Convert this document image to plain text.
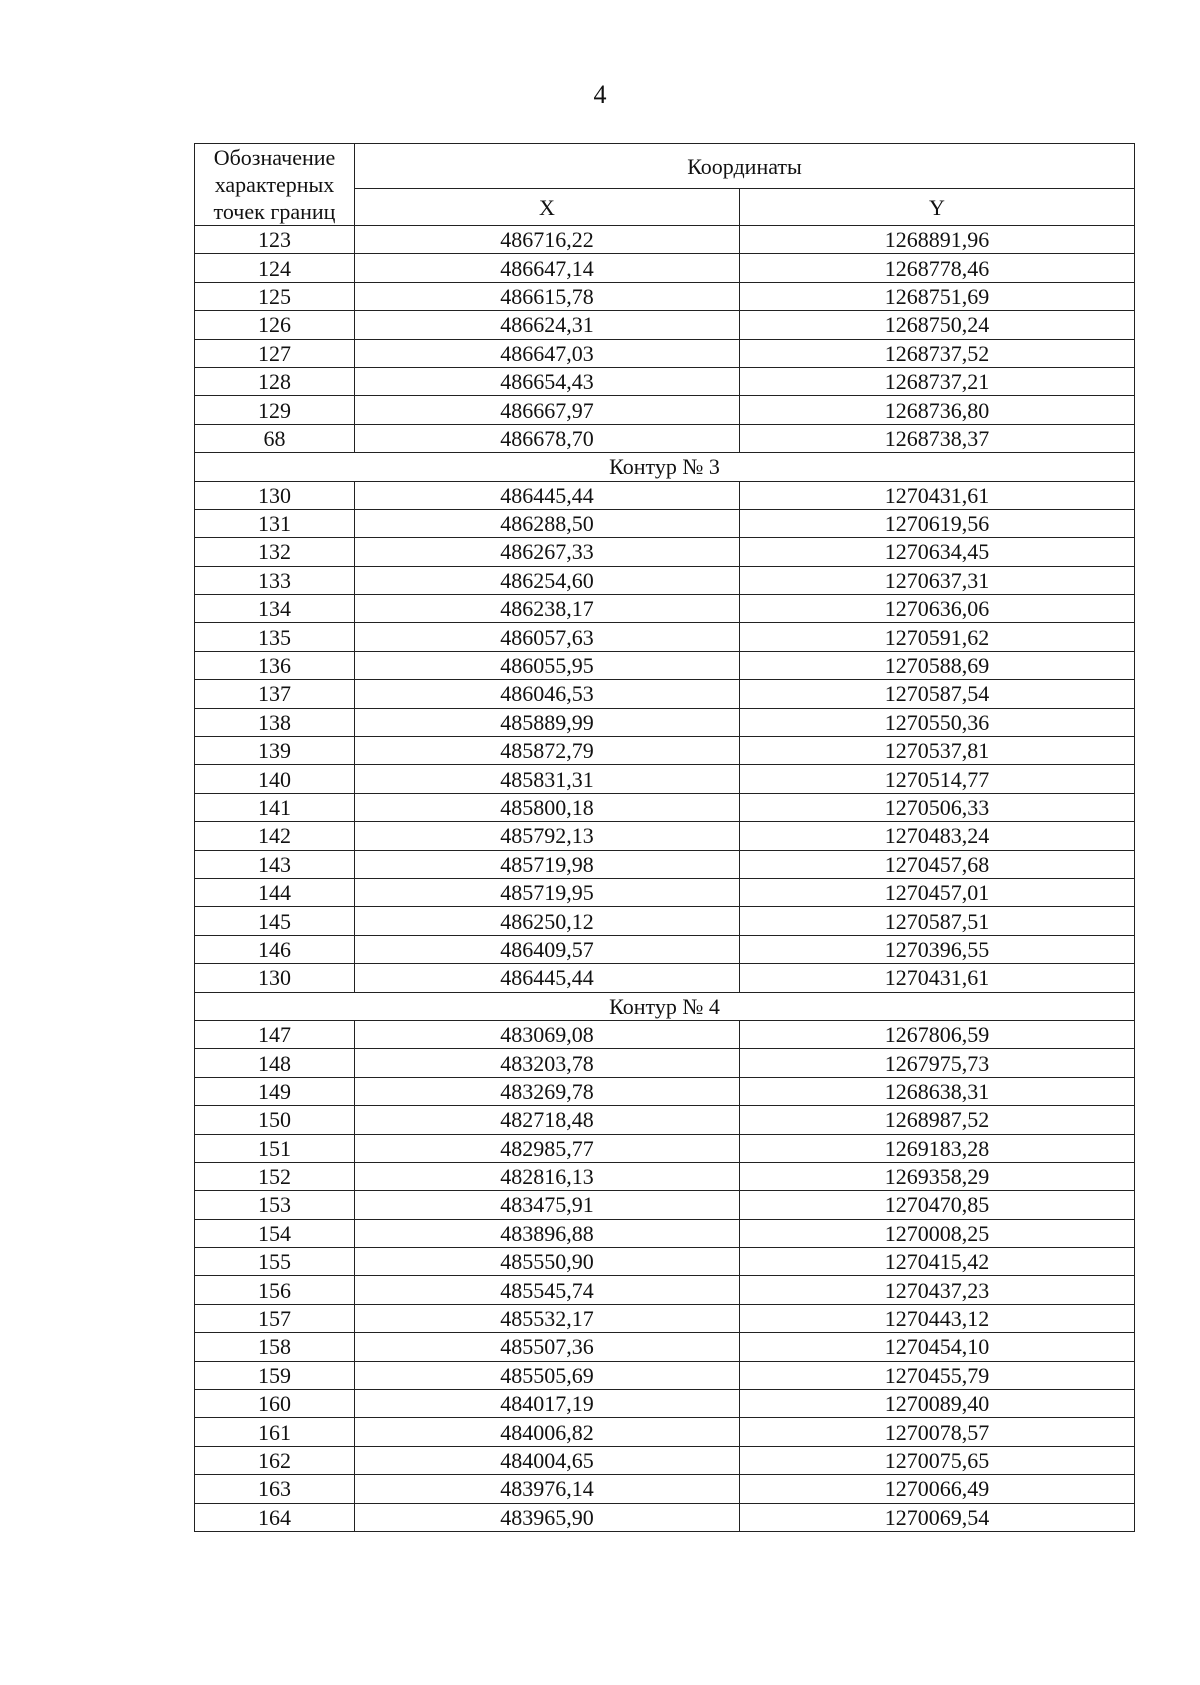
4
Обозначение характерных точек границ	Координаты	
	X	Y
123	486716,22	1268891,96
124	486647,14	1268778,46
125	486615,78	1268751,69
126	486624,31	1268750,24
127	486647,03	1268737,52
128	486654,43	1268737,21
129	486667,97	1268736,80
68	486678,70	1268738,37
Контур № 3		
130	486445,44	1270431,61
131	486288,50	1270619,56
132	486267,33	1270634,45
133	486254,60	1270637,31
134	486238,17	1270636,06
135	486057,63	1270591,62
136	486055,95	1270588,69
137	486046,53	1270587,54
138	485889,99	1270550,36
139	485872,79	1270537,81
140	485831,31	1270514,77
141	485800,18	1270506,33
142	485792,13	1270483,24
143	485719,98	1270457,68
144	485719,95	1270457,01
145	486250,12	1270587,51
146	486409,57	1270396,55
130	486445,44	1270431,61
Контур № 4		
147	483069,08	1267806,59
148	483203,78	1267975,73
149	483269,78	1268638,31
150	482718,48	1268987,52
151	482985,77	1269183,28
152	482816,13	1269358,29
153	483475,91	1270470,85
154	483896,88	1270008,25
155	485550,90	1270415,42
156	485545,74	1270437,23
157	485532,17	1270443,12
158	485507,36	1270454,10
159	485505,69	1270455,79
160	484017,19	1270089,40
161	484006,82	1270078,57
162	484004,65	1270075,65
163	483976,14	1270066,49
164	483965,90	1270069,54
